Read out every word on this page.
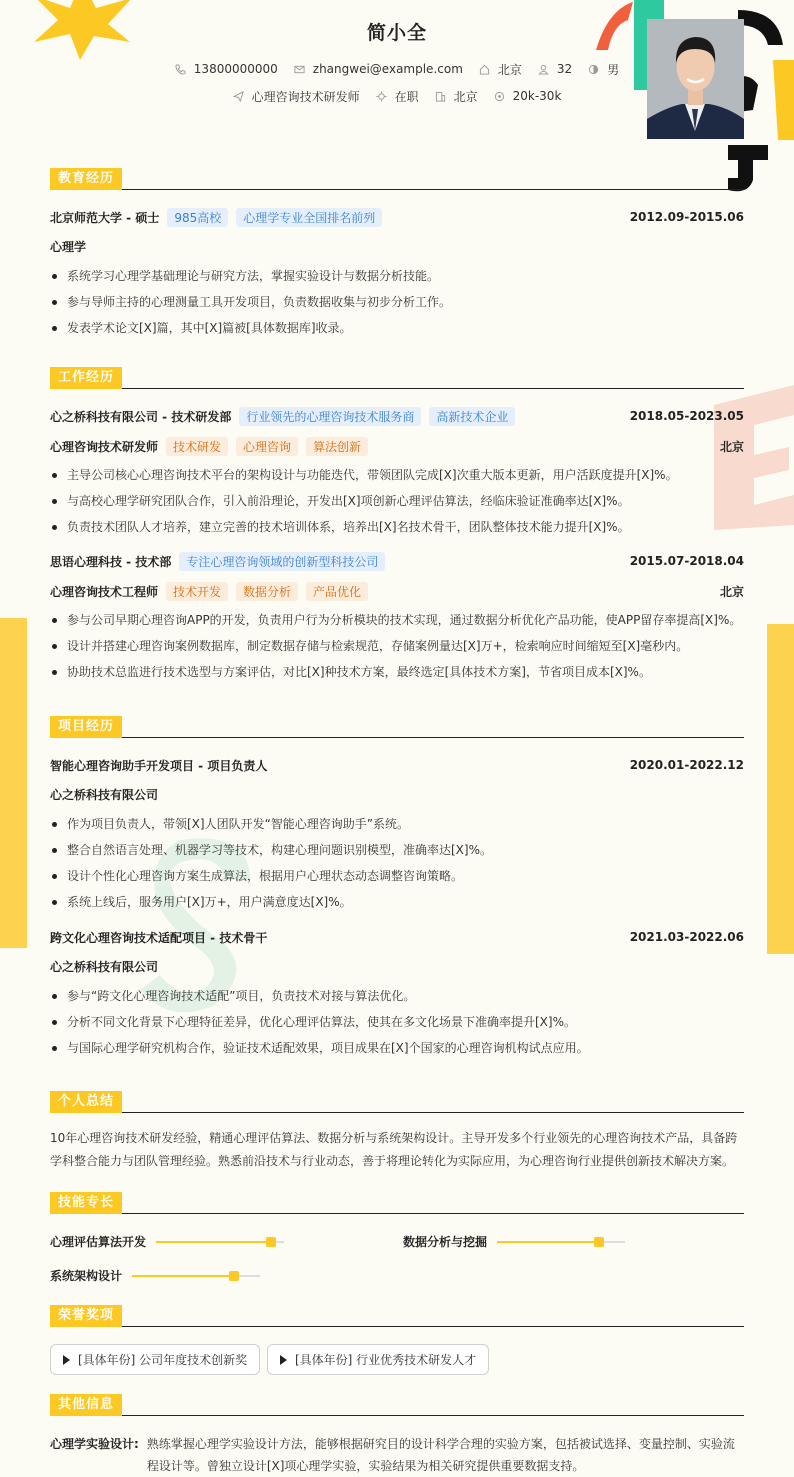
简小全
13800000000	zhangwei@example.com	北京	32	男
心理咨询技术研发师	在职	北京	20k-30k
教育经历
北京师范大学 - 硕士	985高校	心理学专业全国排名前列	2012.09-2015.06
心理学
系统学习心理学基础理论与研究方法，掌握实验设计与数据分析技能。
参与导师主持的心理测量工具开发项目，负责数据收集与初步分析工作。
发表学术论文[X]篇，其中[X]篇被[具体数据库]收录。
工作经历
心之桥科技有限公司 - 技术研发部	行业领先的心理咨询技术服务商	高新技术企业	2018.05-2023.05
心理咨询技术研发师	技术研发	心理咨询	算法创新	北京
主导公司核心心理咨询技术平台的架构设计与功能迭代，带领团队完成[X]次重大版本更新，用户活跃度提升[X]%。
与高校心理学研究团队合作，引入前沿理论，开发出[X]项创新心理评估算法，经临床验证准确率达[X]%。
负责技术团队人才培养，建立完善的技术培训体系，培养出[X]名技术骨干，团队整体技术能力提升[X]%。
思语心理科技 - 技术部	专注心理咨询领域的创新型科技公司	2015.07-2018.04
心理咨询技术工程师	技术开发	数据分析	产品优化	北京
参与公司早期心理咨询APP的开发，负责用户行为分析模块的技术实现，通过数据分析优化产品功能，使APP留存率提高[X]%。
设计并搭建心理咨询案例数据库，制定数据存储与检索规范，存储案例量达[X]万+，检索响应时间缩短至[X]毫秒内。
协助技术总监进行技术选型与方案评估，对比[X]种技术方案，最终选定[具体技术方案]，节省项目成本[X]%。
项目经历
智能心理咨询助手开发项目 - 项目负责人	2020.01-2022.12
心之桥科技有限公司
作为项目负责人，带领[X]人团队开发“智能心理咨询助手”系统。
整合自然语言处理、机器学习等技术，构建心理问题识别模型，准确率达[X]%。
设计个性化心理咨询方案生成算法，根据用户心理状态动态调整咨询策略。
系统上线后，服务用户[X]万+，用户满意度达[X]%。
跨文化心理咨询技术适配项目 - 技术骨干	2021.03-2022.06
心之桥科技有限公司
参与“跨文化心理咨询技术适配”项目，负责技术对接与算法优化。
分析不同文化背景下心理特征差异，优化心理评估算法，使其在多文化场景下准确率提升[X]%。
与国际心理学研究机构合作，验证技术适配效果，项目成果在[X]个国家的心理咨询机构试点应用。
个人总结
10年心理咨询技术研发经验，精通心理评估算法、数据分析与系统架构设计。主导开发多个行业领先的心理咨询技术产品，具备跨学科整合能力与团队管理经验。熟悉前沿技术与行业动态，善于将理论转化为实际应用，为心理咨询行业提供创新技术解决方案。
技能专长
心理评估算法开发	数据分析与挖掘
系统架构设计
荣誉奖项
[具体年份] 公司年度技术创新奖	[具体年份] 行业优秀技术研发人才
其他信息
心理学实验设计: 熟练掌握心理学实验设计方法，能够根据研究目的设计科学合理的实验方案，包括被试选择、变量控制、实验流程设计等。曾独立设计[X]项心理学实验，实验结果为相关研究提供重要数据支持。
